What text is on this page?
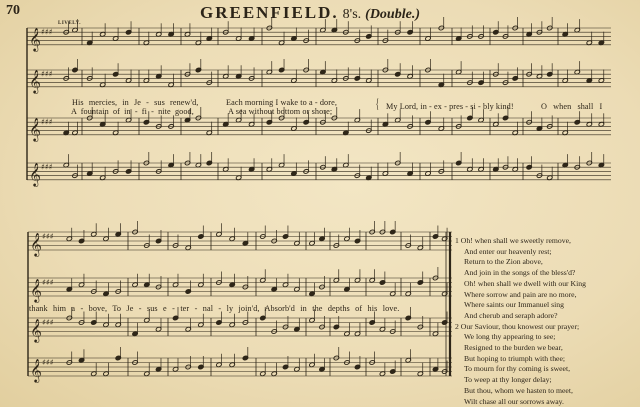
70	GREENFIELD. 8's. (Double.)
LIVELY.
𝄞 ♯♯♯
𝄞 ♯♯♯
𝄞 ♯♯♯
𝄞 ♯♯♯
𝄞 ♯♯♯
𝄞 ♯♯♯
𝄞 ♯♯♯
𝄞 ♯♯♯
His mercies, in Je - sus renew'd,	Each morning I wake to a - dore,	{ My Lord, in - ex - pres - si - bly kind!	O when shall I
A fountain of in - fi - nite good,	A sea without bottom or shore;
thank him a - bove, To Je - sus e - ter - nal - ly join'd, Absorb'd in the depths of his love.
1 Oh! when shall we sweetly remove,
And enter our heavenly rest;
Return to the Zion above,
And join in the songs of the bless'd?
Oh! when shall we dwell with our King
Where sorrow and pain are no more,
Where saints our Immanuel sing
And cherub and seraph adore?
2 Our Saviour, thou knowest our prayer;
We long thy appearing to see;
Resigned to the burden we bear,
But hoping to triumph with thee;
To mourn for thy coming is sweet,
To weep at thy longer delay;
But thou, whom we hasten to meet,
Wilt chase all our sorrows away.
